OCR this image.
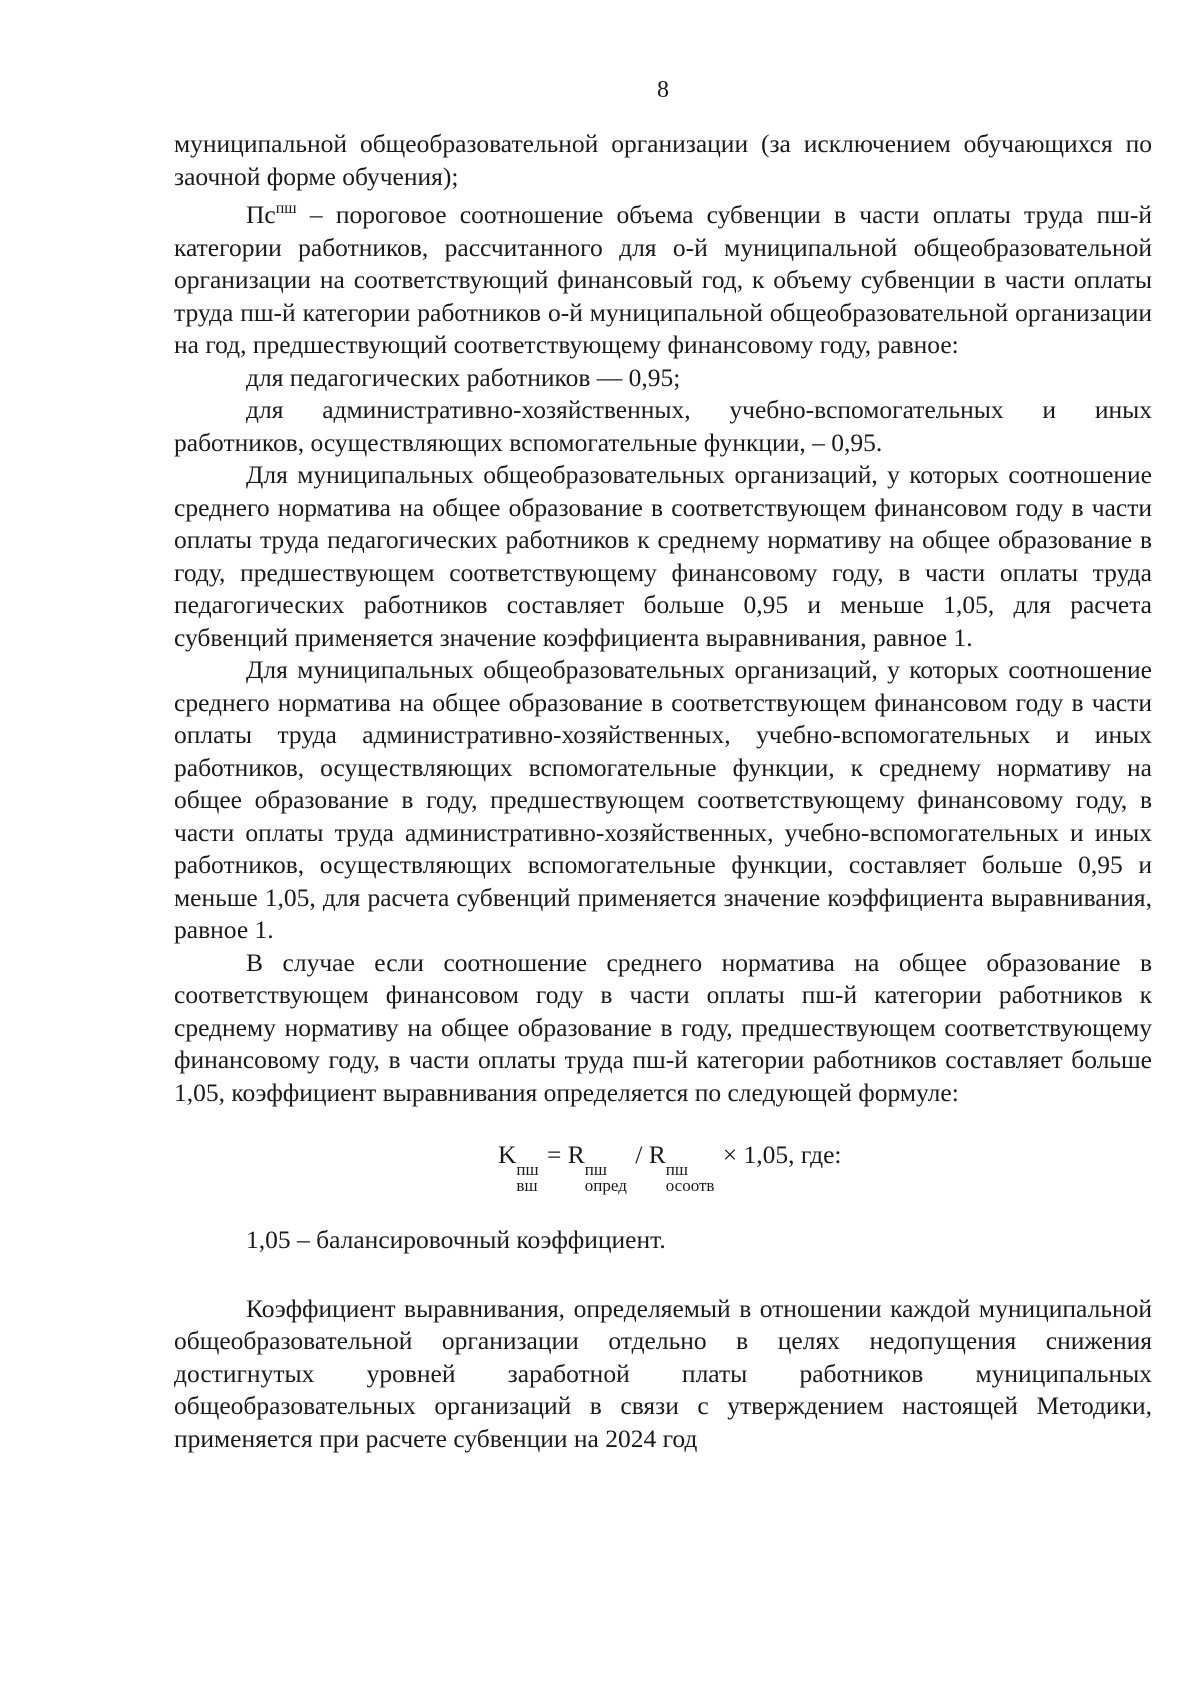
8

муниципальной общеобразовательной организации (за исключением обучающихся по заочной форме обучения);

$Пс^{пш}$ – пороговое соотношение объема субвенции в части оплаты труда пш-й категории работников, рассчитанного для о-й муниципальной общеобразовательной организации на соответствующий финансовый год, к объему субвенции в части оплаты труда пш-й категории работников о-й муниципальной общеобразовательной организации на год, предшествующий соответствующему финансовому году, равное:

для педагогических работников — 0,95;

для административно-хозяйственных, учебно-вспомогательных и иных работников, осуществляющих вспомогательные функции, – 0,95.

Для муниципальных общеобразовательных организаций, у которых соотношение среднего норматива на общее образование в соответствующем финансовом году в части оплаты труда педагогических работников к среднему нормативу на общее образование в году, предшествующем соответствующему финансовому году, в части оплаты труда педагогических работников составляет больше 0,95 и меньше 1,05, для расчета субвенций применяется значение коэффициента выравнивания, равное 1.

Для муниципальных общеобразовательных организаций, у которых соотношение среднего норматива на общее образование в соответствующем финансовом году в части оплаты труда административно-хозяйственных, учебно-вспомогательных и иных работников, осуществляющих вспомогательные функции, к среднему нормативу на общее образование в году, предшествующем соответствующему финансовому году, в части оплаты труда административно-хозяйственных, учебно-вспомогательных и иных работников, осуществляющих вспомогательные функции, составляет больше 0,95 и меньше 1,05, для расчета субвенций применяется значение коэффициента выравнивания, равное 1.

В случае если соотношение среднего норматива на общее образование в соответствующем финансовом году в части оплаты пш-й категории работников к среднему нормативу на общее образование в году, предшествующем соответствующему финансовому году, в части оплаты труда пш-й категории работников составляет больше 1,05, коэффициент выравнивания определяется по следующей формуле:

K
пш
вш
= R
пш
опред
/ R
пш
осоотв
× 1,05, где:

1,05 – балансировочный коэффициент.

Коэффициент выравнивания, определяемый в отношении каждой муниципальной общеобразовательной организации отдельно в целях недопущения снижения достигнутых уровней заработной платы работников муниципальных общеобразовательных организаций в связи с утверждением настоящей Методики, применяется при расчете субвенции на 2024 год
